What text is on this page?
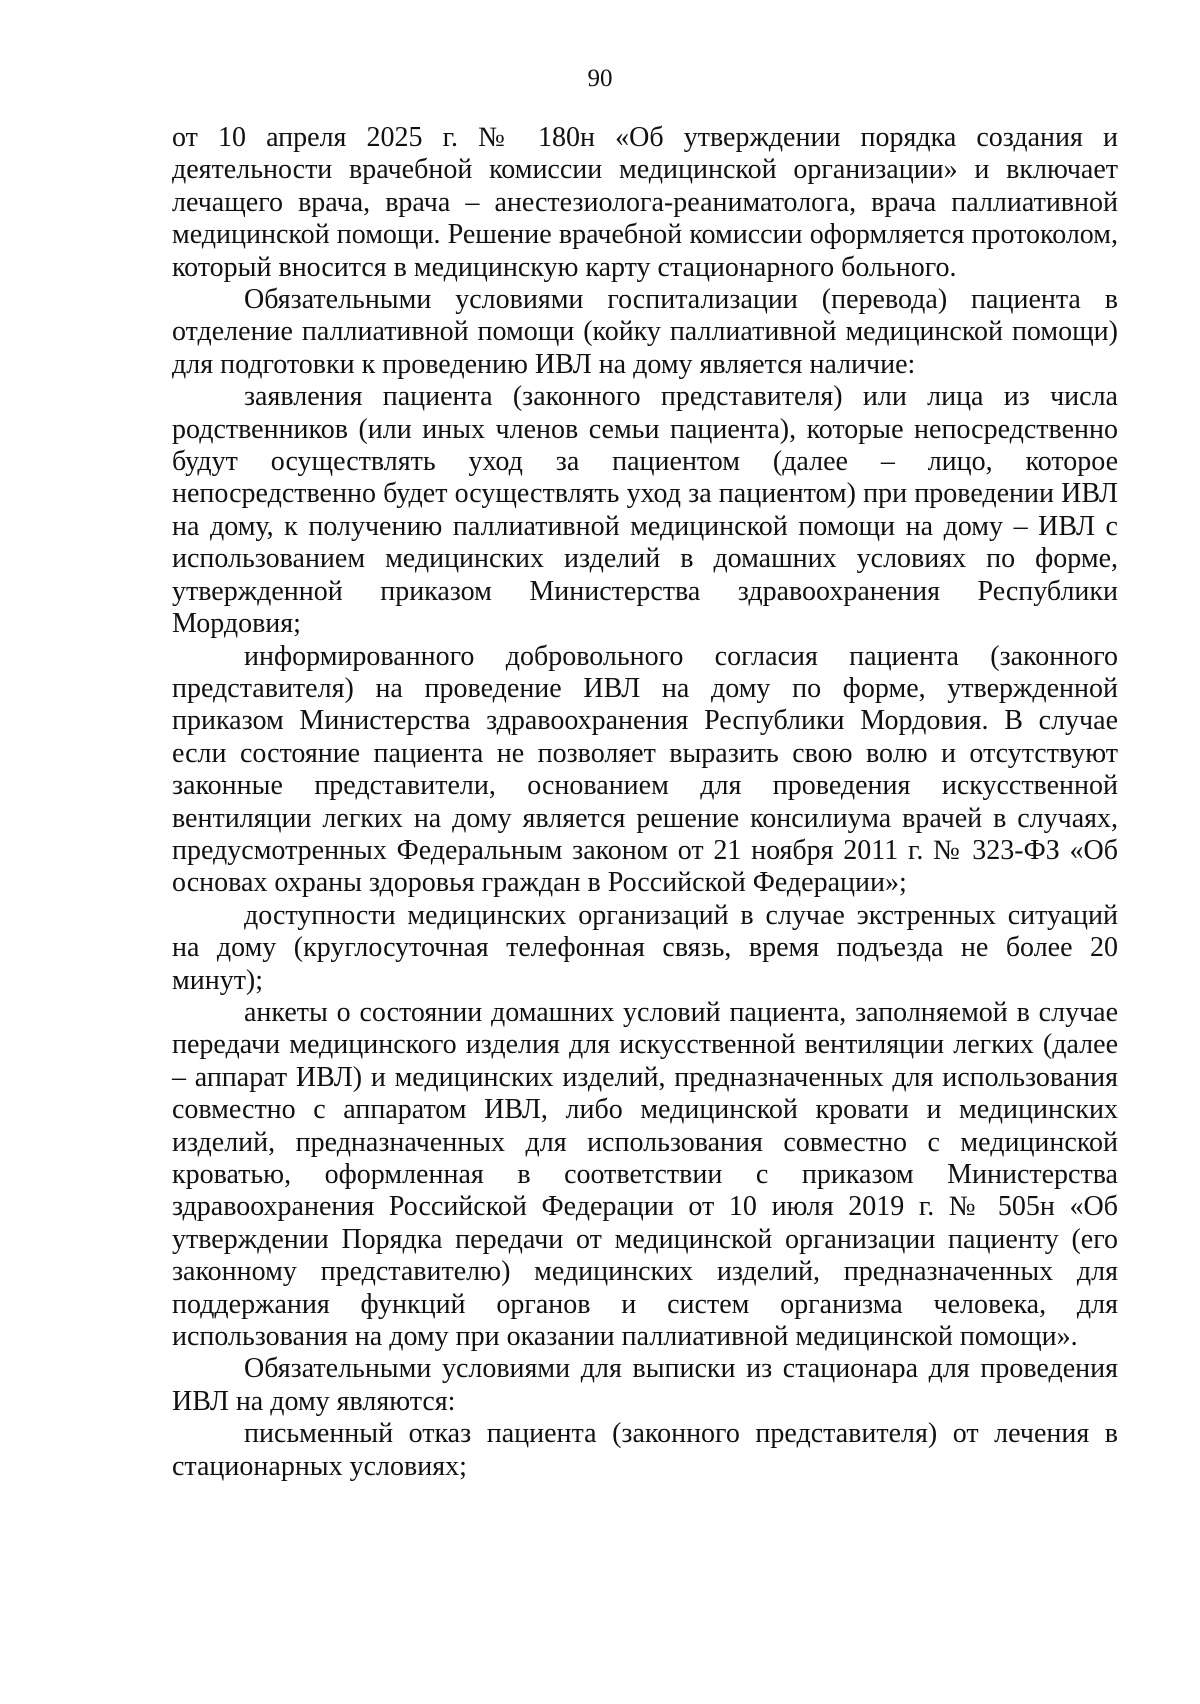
90

от 10 апреля 2025 г. № 180н «Об утверждении порядка создания и деятельности врачебной комиссии медицинской организации» и включает лечащего врача, врача – анестезиолога-реаниматолога, врача паллиативной медицинской помощи. Решение врачебной комиссии оформляется протоколом, который вносится в медицинскую карту стационарного больного.

Обязательными условиями госпитализации (перевода) пациента в отделение паллиативной помощи (койку паллиативной медицинской помощи) для подготовки к проведению ИВЛ на дому является наличие:

заявления пациента (законного представителя) или лица из числа родственников (или иных членов семьи пациента), которые непосредственно будут осуществлять уход за пациентом (далее – лицо, которое непосредственно будет осуществлять уход за пациентом) при проведении ИВЛ на дому, к получению паллиативной медицинской помощи на дому – ИВЛ с использованием медицинских изделий в домашних условиях по форме, утвержденной приказом Министерства здравоохранения Республики Мордовия;

информированного добровольного согласия пациента (законного представителя) на проведение ИВЛ на дому по форме, утвержденной приказом Министерства здравоохранения Республики Мордовия. В случае если состояние пациента не позволяет выразить свою волю и отсутствуют законные представители, основанием для проведения искусственной вентиляции легких на дому является решение консилиума врачей в случаях, предусмотренных Федеральным законом от 21 ноября 2011 г. № 323-ФЗ «Об основах охраны здоровья граждан в Российской Федерации»;

доступности медицинских организаций в случае экстренных ситуаций на дому (круглосуточная телефонная связь, время подъезда не более 20 минут);

анкеты о состоянии домашних условий пациента, заполняемой в случае передачи медицинского изделия для искусственной вентиляции легких (далее – аппарат ИВЛ) и медицинских изделий, предназначенных для использования совместно с аппаратом ИВЛ, либо медицинской кровати и медицинских изделий, предназначенных для использования совместно с медицинской кроватью, оформленная в соответствии с приказом Министерства здравоохранения Российской Федерации от 10 июля 2019 г. № 505н «Об утверждении Порядка передачи от медицинской организации пациенту (его законному представителю) медицинских изделий, предназначенных для поддержания функций органов и систем организма человека, для использования на дому при оказании паллиативной медицинской помощи».

Обязательными условиями для выписки из стационара для проведения ИВЛ на дому являются:

письменный отказ пациента (законного представителя) от лечения в стационарных условиях;
